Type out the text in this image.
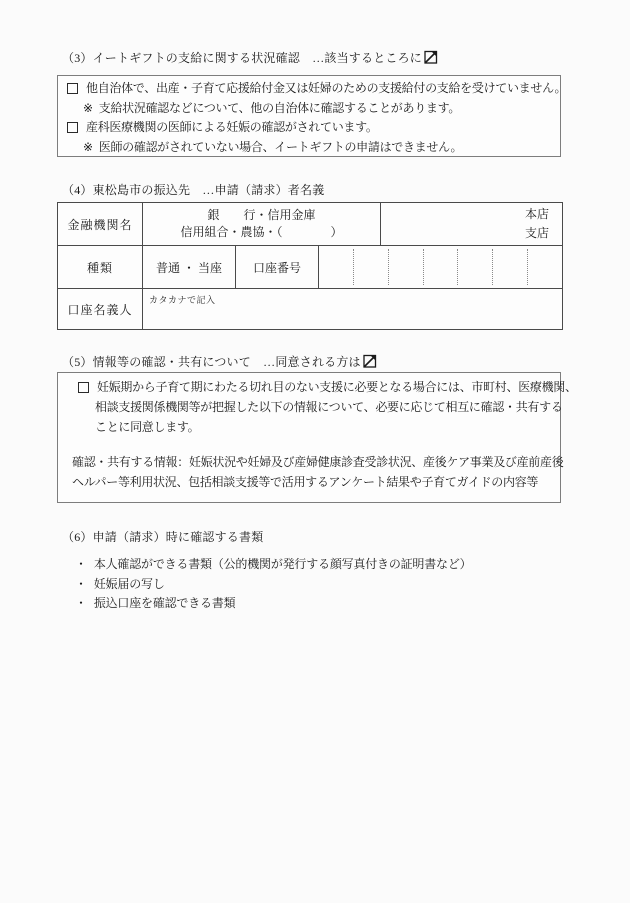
（3）イートギフトの支給に関する状況確認　…該当するところに
他自治体で、出産・子育て応援給付金又は妊婦のための支援給付の支給を受けていません。
※ 支給状況確認などについて、他の自治体に確認することがあります。
産科医療機関の医師による妊娠の確認がされています。
※ 医師の確認がされていない場合、イートギフトの申請はできません。
（4）東松島市の振込先　…申請（請求）者名義
金融機関名
銀　　行・信用金庫
信用組合・農協・（　　　　）
本店
支店
種類	普通 ・ 当座	口座番号
口座名義人
カタカナで記入
（5）情報等の確認・共有について　…同意される方は
妊娠期から子育て期にわたる切れ目のない支援に必要となる場合には、市町村、医療機関、
相談支援関係機関等が把握した以下の情報について、必要に応じて相互に確認・共有する
ことに同意します。
確認・共有する情報：妊娠状況や妊婦及び産婦健康診査受診状況、産後ケア事業及び産前産後
ヘルパー等利用状況、包括相談支援等で活用するアンケート結果や子育てガイドの内容等
（6）申請（請求）時に確認する書類
・ 本人確認ができる書類（公的機関が発行する顔写真付きの証明書など）
・ 妊娠届の写し
・ 振込口座を確認できる書類
